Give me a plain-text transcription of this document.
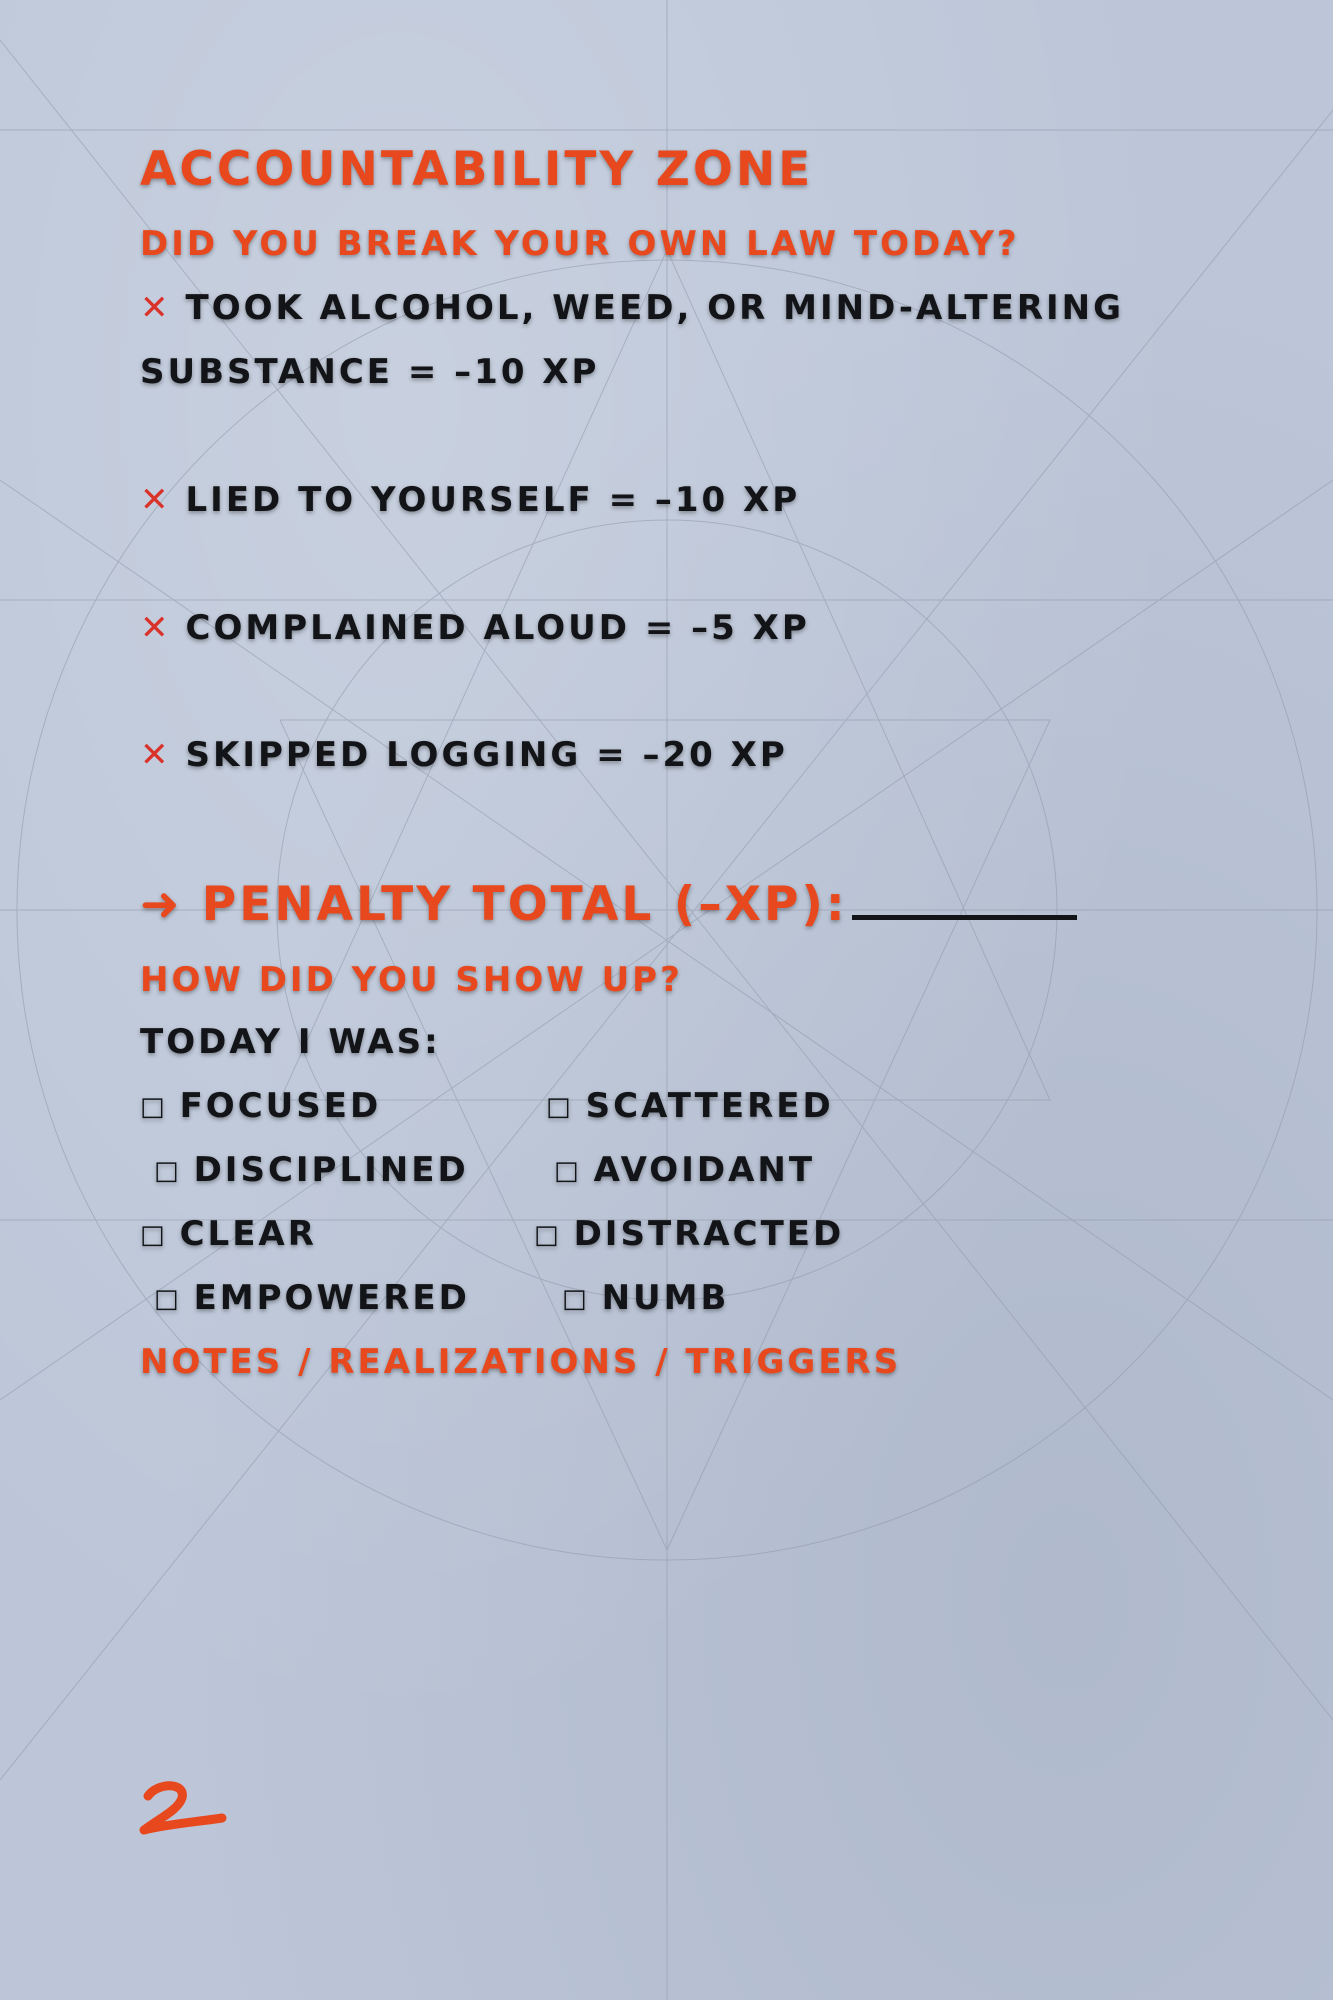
ACCOUNTABILITY ZONE
DID YOU BREAK YOUR OWN LAW TODAY?
✕ TOOK ALCOHOL, WEED, OR MIND-ALTERING
SUBSTANCE = –10 XP
✕ LIED TO YOURSELF = –10 XP
✕ COMPLAINED ALOUD = –5 XP
✕ SKIPPED LOGGING = –20 XP
➜ PENALTY TOTAL (–XP):
HOW DID YOU SHOW UP?
TODAY I WAS:
□ FOCUSED	□ SCATTERED
□ DISCIPLINED	□ AVOIDANT
□ CLEAR	□ DISTRACTED
□ EMPOWERED	□ NUMB
NOTES / REALIZATIONS / TRIGGERS
